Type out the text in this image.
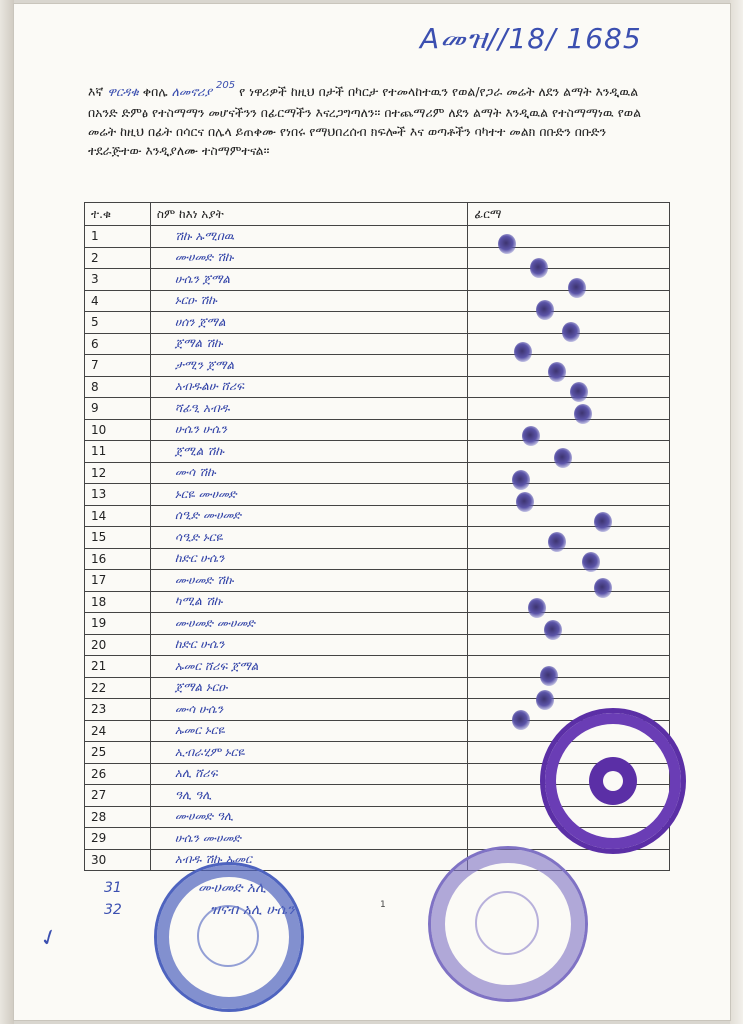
Aመዝ//18/ 1685
እኛ ዋርዳቁ ቀበሌ ለመኖሪያ $^{205}$ የ ነዋሪዎች ከዚህ በታች በካርታ የተመላከተዉን የወል/የጋራ መሬት ለደን ልማት እንዲዉል በአንድ ድምፅ የተስማማን መሆናችንን በፊርማችን እናረጋግጣለን፡፡ በተጨማሪም ለደን ልማት እንዲዉል የተስማማነዉ የወል መሬት ከዚህ በፊት በሳርና በሌላ ይጠቀሙ የነበሩ የማህበረሰብ ክፍሎች እና ወጣቶችን ባካተተ መልክ በቡድን በቡድን ተደራጅተው እንዲያለሙ ተስማምተናል፡፡
ተ.ቁ	ስም ከእነ አያት	ፊርማ
1	ሽኩ ኡሚበዉ	
2	ሙሀመድ ሽኩ	
3	ሁሴን ጀማል	
4	ኑርዑ ሽኩ	
5	ሀሰን ጀማል	
6	ጀማል ሽኩ	
7	ታሚን ጀማል	
8	አብዱልሁ ሸሪፍ	
9	ሻፊዒ አብዱ	
10	ሁሴን ሁሴን	
11	ጀሚል ሽኩ	
12	ሙሳ ሽኩ	
13	ኑርዬ ሙሀመድ	
14	ሰዒድ ሙሀመድ	
15	ሳዒድ ኑርዬ	
16	ከድር ሁሴን	
17	ሙሀመድ ሽኩ	
18	ካሚል ሽኩ	
19	ሙሀመድ ሙሀመድ	
20	ከድር ሁሴን	
21	ኡመር ሸሪፍ ጀማል	
22	ጀማል ኑርዑ	
23	ሙሳ ሁሴን	
24	ኡመር ኑርዬ	
25	ኢብራሂም ኑርዬ	
26	አሊ ሸሪፍ	
27	ዓሊ ዓሊ	
28	ሙሀመድ ዓሊ	
29	ሁሴን ሙሀመድ	
30	አብዱ ሽኩ ኡመር	
31	ሙሀመድ አሊ
32	ዝናብ አሊ ሁሴን	1
✓
